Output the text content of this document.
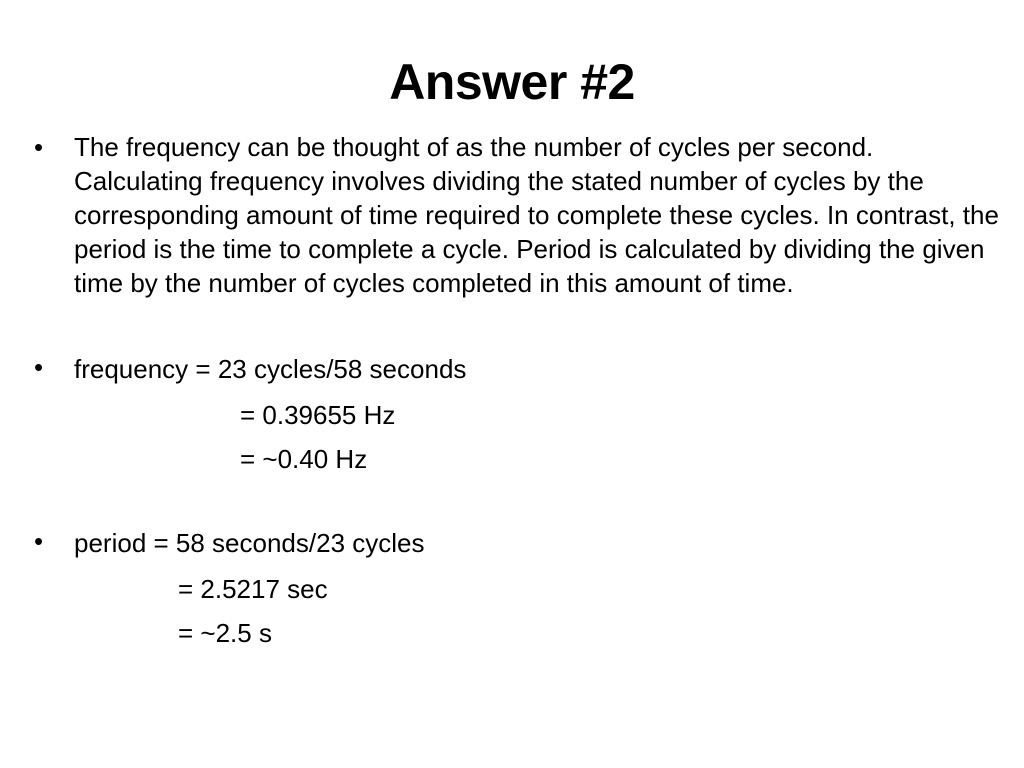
Answer #2
• The frequency can be thought of as the number of cycles per second. Calculating frequency involves dividing the stated number of cycles by the corresponding amount of time required to complete these cycles. In contrast, the period is the time to complete a cycle. Period is calculated by dividing the given time by the number of cycles completed in this amount of time.

• frequency = 23 cycles/58 seconds

= 0.39655 Hz

= ~0.40 Hz

• period = 58 seconds/23 cycles

= 2.5217 sec

= ~2.5 s
